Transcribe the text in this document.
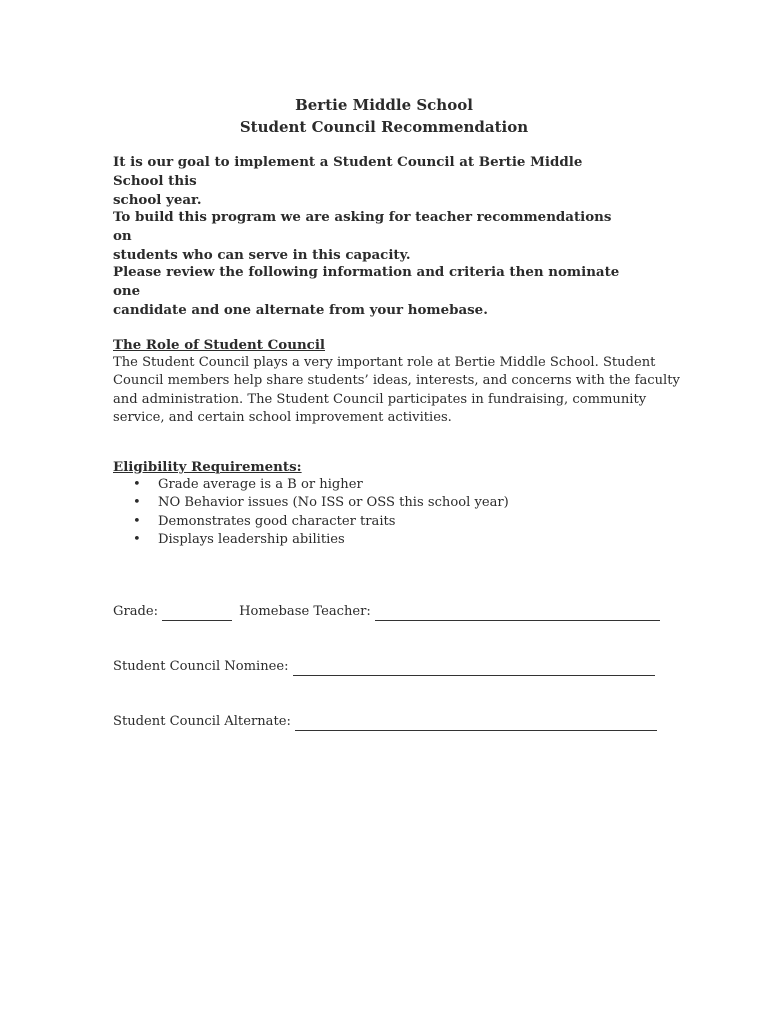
Bertie Middle School
Student Council Recommendation
It is our goal to implement a Student Council at Bertie Middle School this
school year.
To build this program we are asking for teacher recommendations on
students who can serve in this capacity.
Please review the following information and criteria then nominate one
candidate and one alternate from your homebase.
The Role of Student Council
The Student Council plays a very important role at Bertie Middle School. Student
Council members help share students’ ideas, interests, and concerns with the faculty
and administration. The Student Council participates in fundraising, community
service, and certain school improvement activities.
Eligibility Requirements:
• Grade average is a B or higher
• NO Behavior issues (No ISS or OSS this school year)
• Demonstrates good character traits
• Displays leadership abilities
Grade:	Homebase Teacher:
Student Council Nominee:
Student Council Alternate:
